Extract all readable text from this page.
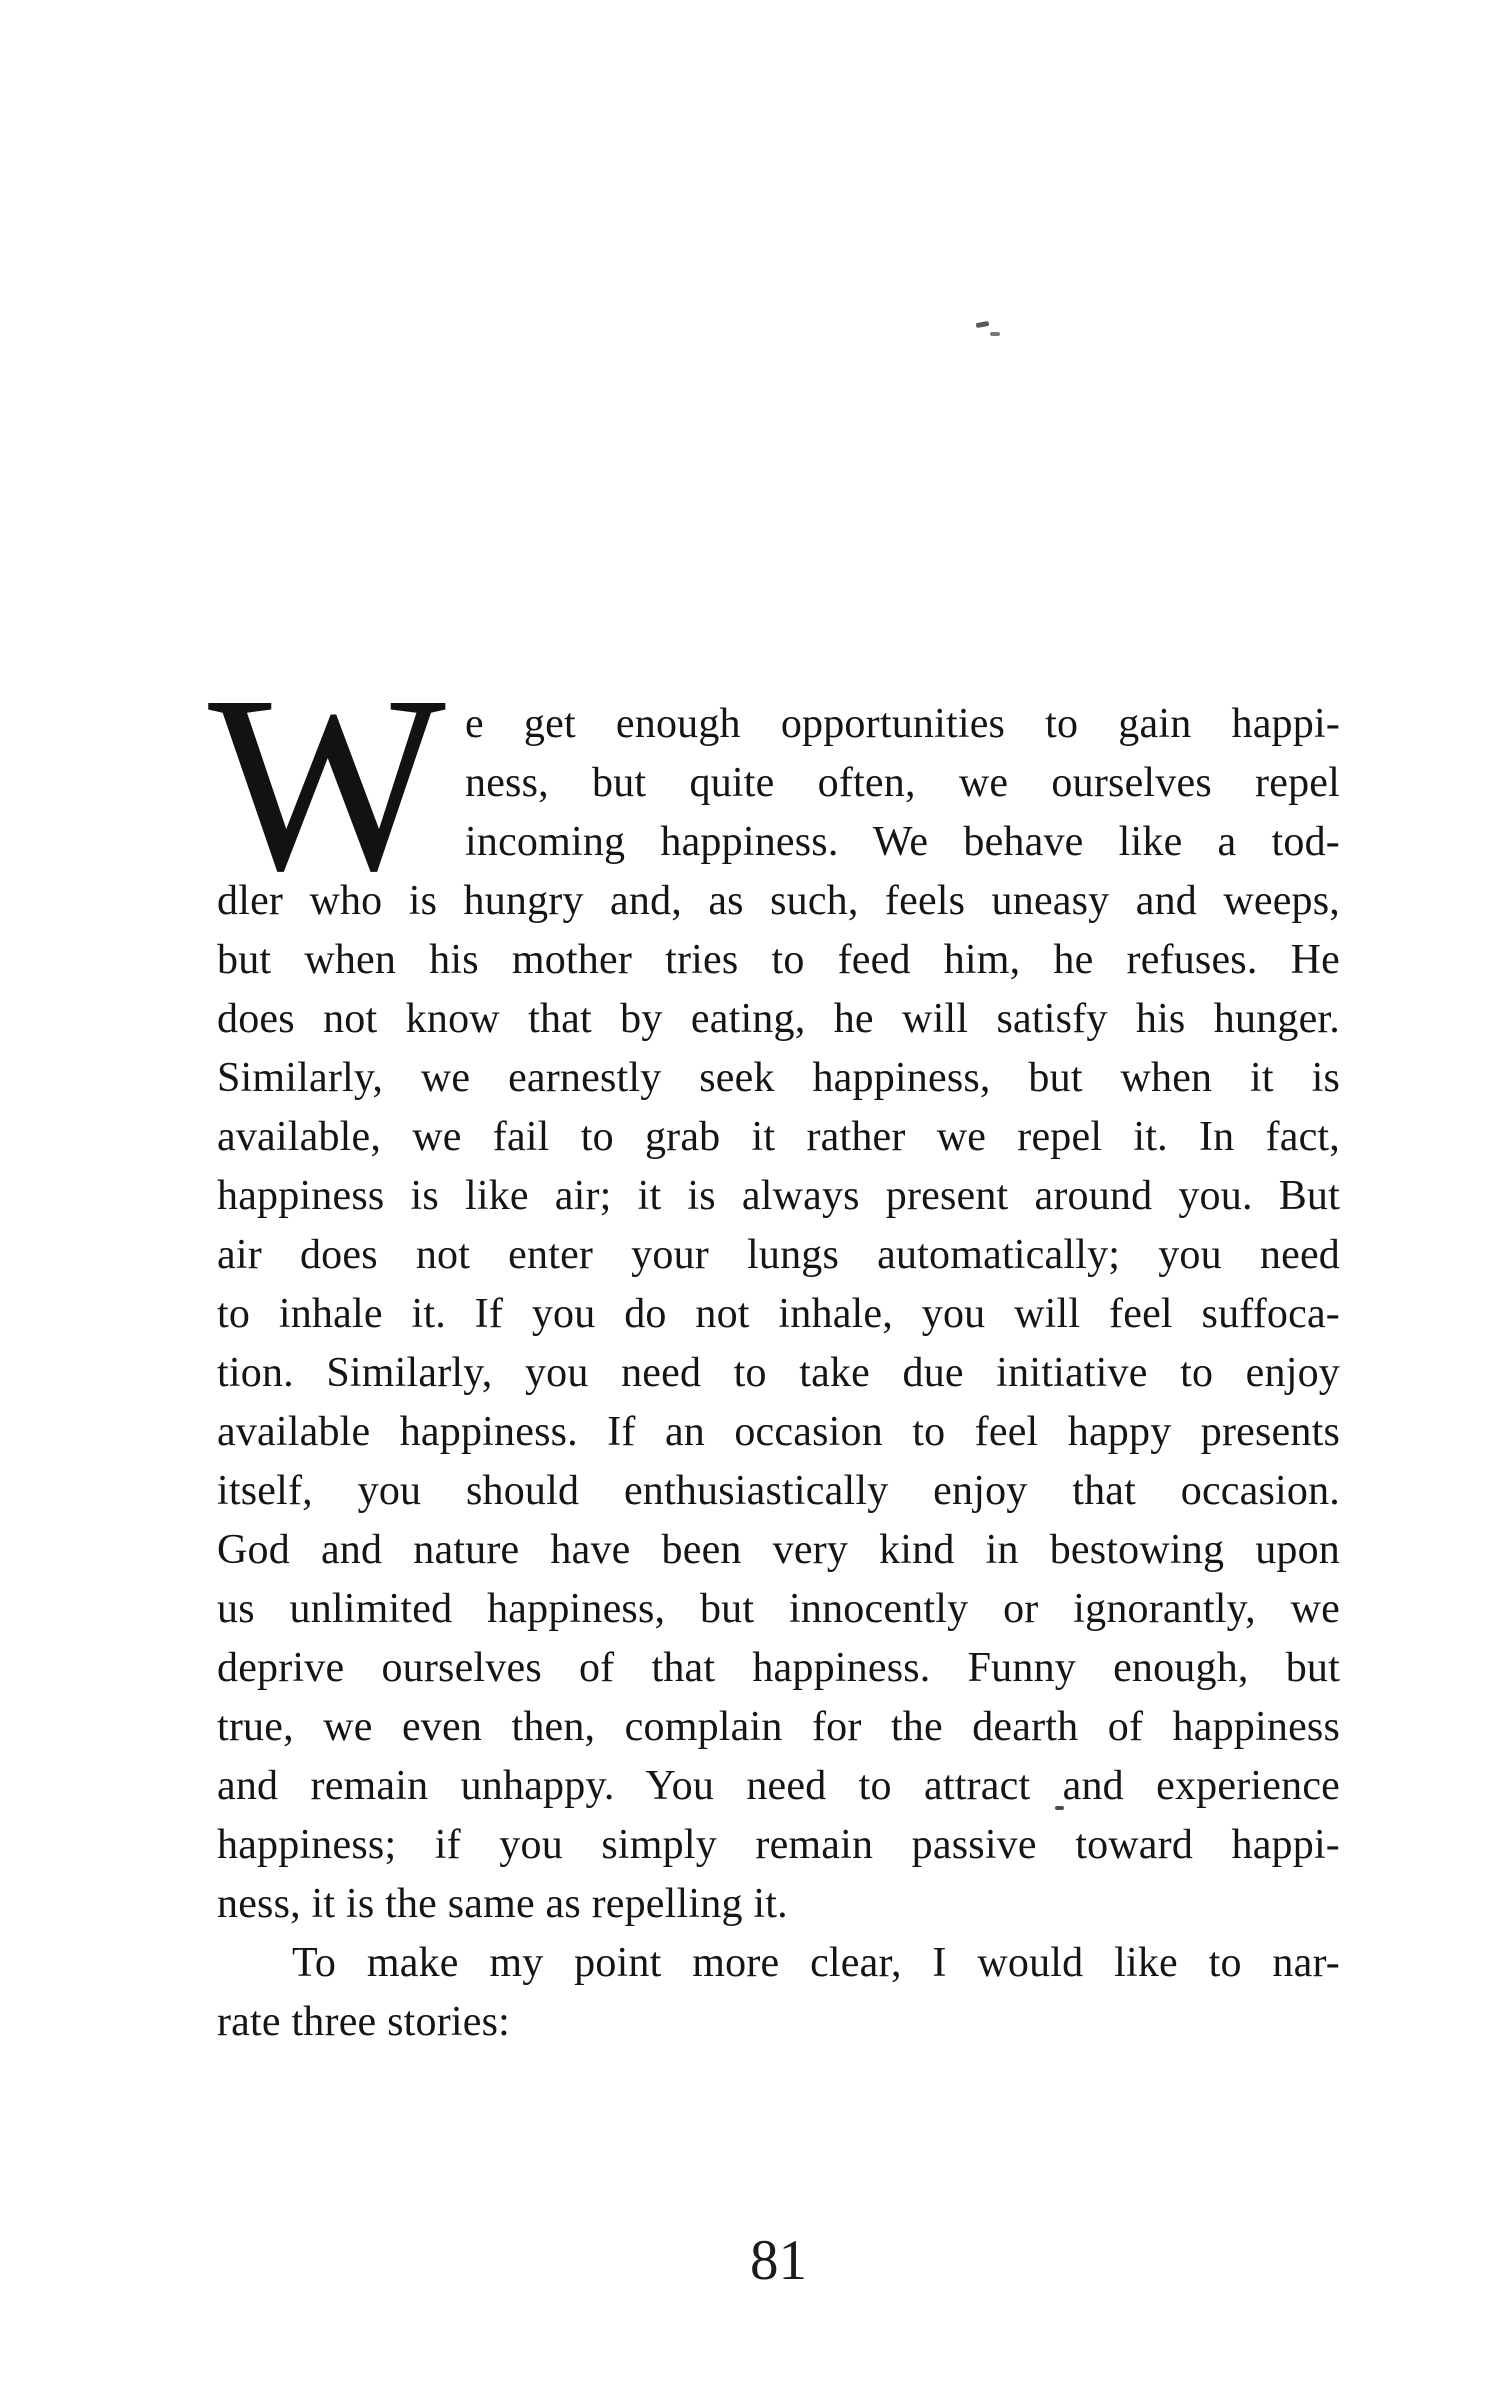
W e get enough opportunities to gain happi-
ness, but quite often, we ourselves repel
incoming happiness. We behave like a tod-
dler who is hungry and, as such, feels uneasy and weeps,
but when his mother tries to feed him, he refuses. He
does not know that by eating, he will satisfy his hunger.
Similarly, we earnestly seek happiness, but when it is
available, we fail to grab it rather we repel it. In fact,
happiness is like air; it is always present around you. But
air does not enter your lungs automatically; you need
to inhale it. If you do not inhale, you will feel suffoca-
tion. Similarly, you need to take due initiative to enjoy
available happiness. If an occasion to feel happy presents
itself, you should enthusiastically enjoy that occasion.
God and nature have been very kind in bestowing upon
us unlimited happiness, but innocently or ignorantly, we
deprive ourselves of that happiness. Funny enough, but
true, we even then, complain for the dearth of happiness
and remain unhappy. You need to attract and experience
happiness; if you simply remain passive toward happi-
ness, it is the same as repelling it.
To make my point more clear, I would like to nar-
rate three stories:
81
